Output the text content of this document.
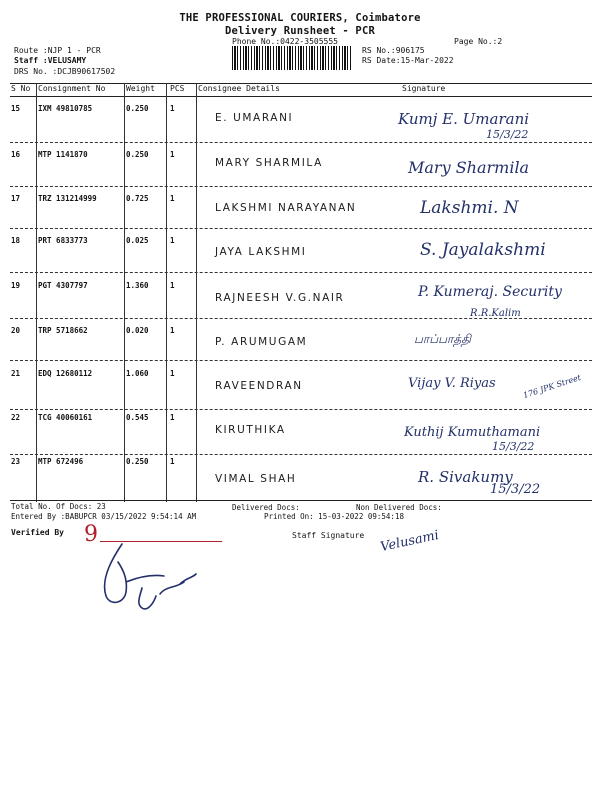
THE PROFESSIONAL COURIERS, Coimbatore
Delivery Runsheet - PCR
Phone No.:0422-3505555	Page No.:2
Route :NJP 1 - PCR
Staff :VELUSAMY
DRS No. :DCJB90617502
RS No.:906175
RS Date:15-Mar-2022
S No Consignment No	Weight PCS Consignee Details	Signature
15 IXM 49810785	0.250	1
E. UMARANI	Kumj E. Umarani
15/3/22
16 MTP 1141870	0.250	1
MARY SHARMILA	Mary Sharmila
17 TRZ 131214999	0.725	1
LAKSHMI NARAYANAN	Lakshmi. N
18 PRT 6833773	0.025	1
JAYA LAKSHMI	S. Jayalakshmi
19 PGT 4307797	1.360	1
RAJNEESH V.G.NAIR	P. Kumeraj. Security
R.R.Kalim
20 TRP 5718662	0.020	1
P. ARUMUGAM	பாப்பாத்தி
21 EDQ 12680112	1.060	1
RAVEENDRAN	Vijay V. Riyas	176 JPK Street
22 TCG 40060161	0.545	1
KIRUTHIKA	Kuthij Kumuthamani
15/3/22
23 MTP 672496	0.250	1
VIMAL SHAH	R. Sivakumy
15/3/22
Total No. Of Docs: 23	Delivered Docs:	Non Delivered Docs:
Entered By :BABUPCR 03/15/2022 9:54:14 AM	Printed On: 15-03-2022 09:54:18
Verified By	Staff Signature
9	Velusami
